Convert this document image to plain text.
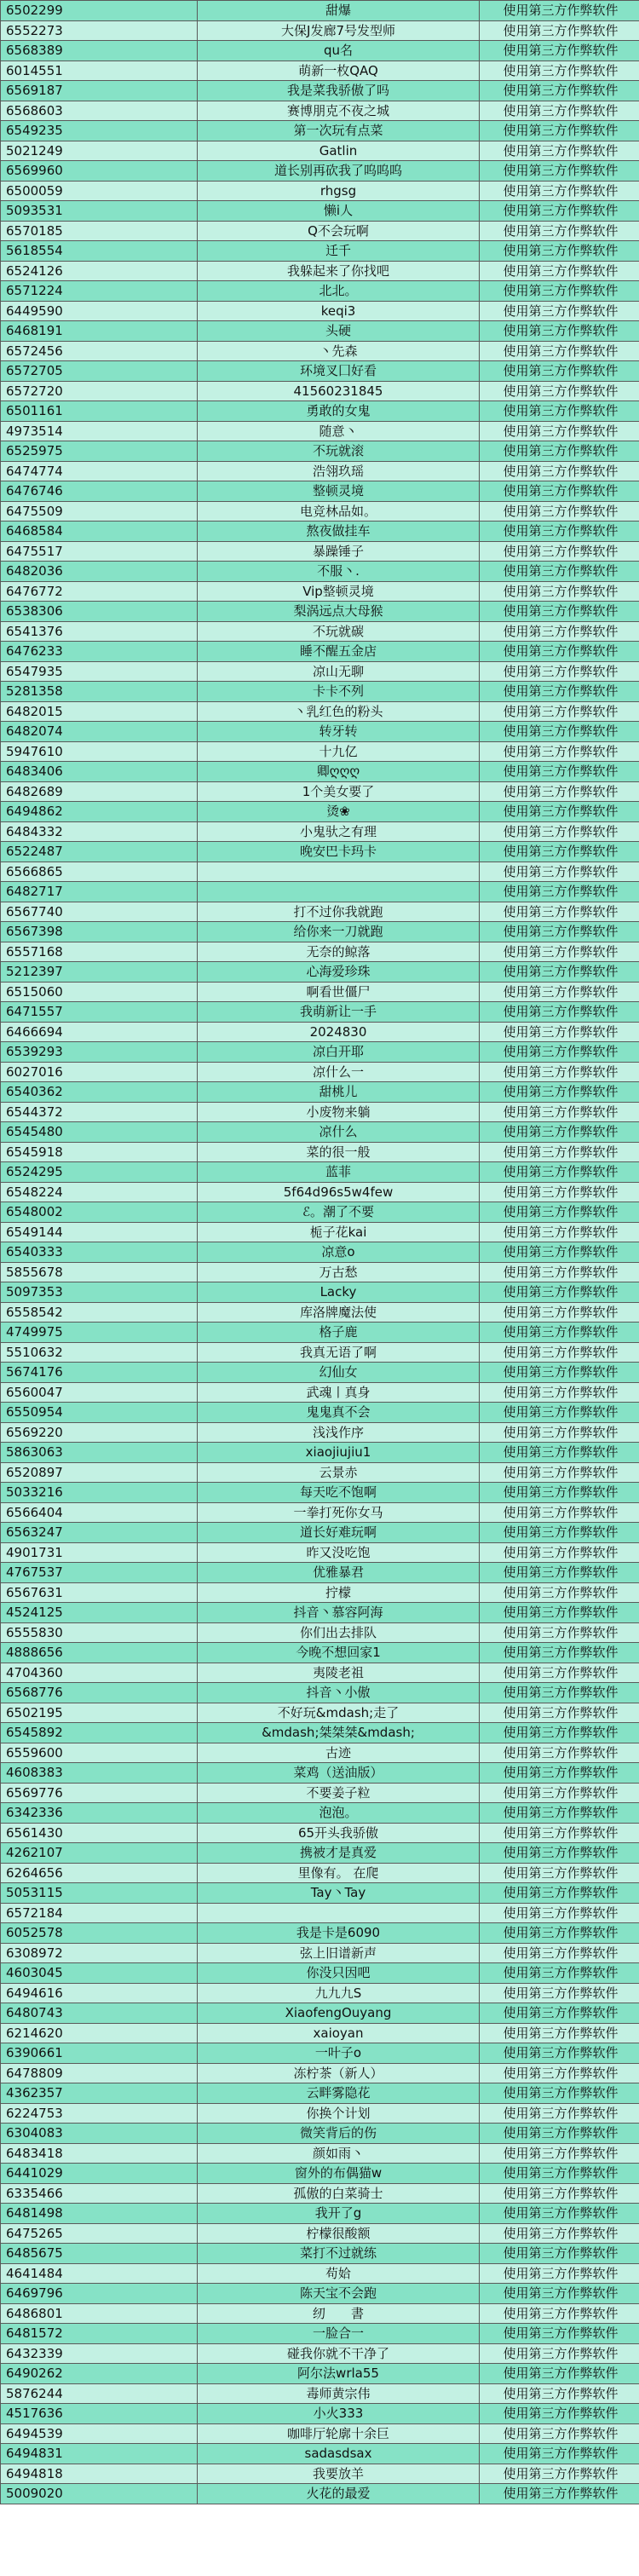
6502299	甜爆	使用第三方作弊软件
6552273	大保J发廊7号发型师	使用第三方作弊软件
6568389	qu名	使用第三方作弊软件
6014551	萌新一枚QAQ	使用第三方作弊软件
6569187	我是菜我骄傲了吗	使用第三方作弊软件
6568603	赛博朋克不夜之城	使用第三方作弊软件
6549235	第一次玩有点菜	使用第三方作弊软件
5021249	Gatlin	使用第三方作弊软件
6569960	道长别再砍我了呜呜呜	使用第三方作弊软件
6500059	rhgsg	使用第三方作弊软件
5093531	懒i人	使用第三方作弊软件
6570185	Q不会玩啊	使用第三方作弊软件
5618554	迁千	使用第三方作弊软件
6524126	我躲起来了你找吧	使用第三方作弊软件
6571224	北北。	使用第三方作弊软件
6449590	keqi3	使用第三方作弊软件
6468191	头硬	使用第三方作弊软件
6572456	丶先森	使用第三方作弊软件
6572705	环境叉囗好看	使用第三方作弊软件
6572720	41560231845	使用第三方作弊软件
6501161	勇敢的女鬼	使用第三方作弊软件
4973514	随意丶	使用第三方作弊软件
6525975	不玩就滚	使用第三方作弊软件
6474774	浩翎玖瑶	使用第三方作弊软件
6476746	整顿灵境	使用第三方作弊软件
6475509	电竞林品如。	使用第三方作弊软件
6468584	熬夜做挂车	使用第三方作弊软件
6475517	暴躁锤子	使用第三方作弊软件
6482036	不服丶.	使用第三方作弊软件
6476772	Vip整顿灵境	使用第三方作弊软件
6538306	梨涡远点大母猴	使用第三方作弊软件
6541376	不玩就碳	使用第三方作弊软件
6476233	睡不醒五金店	使用第三方作弊软件
6547935	凉山无聊	使用第三方作弊软件
5281358	卡卡不列	使用第三方作弊软件
6482015	丶乳红色的粉头	使用第三方作弊软件
6482074	转牙转	使用第三方作弊软件
5947610	十九亿	使用第三方作弊软件
6483406	卿ღღღ	使用第三方作弊软件
6482689	1个美女要了	使用第三方作弊软件
6494862	烫❀	使用第三方作弊软件
6484332	小鬼驮之有理	使用第三方作弊软件
6522487	晚安巴卡玛卡	使用第三方作弊软件
6566865		使用第三方作弊软件
6482717		使用第三方作弊软件
6567740	打不过你我就跑	使用第三方作弊软件
6567398	给你来一刀就跑	使用第三方作弊软件
6557168	无奈的鲸落	使用第三方作弊软件
5212397	心海爱珍珠	使用第三方作弊软件
6515060	啊看世僵尸	使用第三方作弊软件
6471557	我萌新让一手	使用第三方作弊软件
6466694	2024830	使用第三方作弊软件
6539293	凉白开耶	使用第三方作弊软件
6027016	凉什么一	使用第三方作弊软件
6540362	甜桃儿	使用第三方作弊软件
6544372	小废物来躺	使用第三方作弊软件
6545480	凉什么	使用第三方作弊软件
6545918	菜的很一般	使用第三方作弊软件
6524295	蓝菲	使用第三方作弊软件
6548224	5f64d96s5w4few	使用第三方作弊软件
6548002	ℰ。潮了不要	使用第三方作弊软件
6549144	栀子花kai	使用第三方作弊软件
6540333	凉意o	使用第三方作弊软件
5855678	万古愁	使用第三方作弊软件
5097353	Lacky	使用第三方作弊软件
6558542	库洛牌魔法使	使用第三方作弊软件
4749975	格子鹿	使用第三方作弊软件
5510632	我真无语了啊	使用第三方作弊软件
5674176	幻仙女	使用第三方作弊软件
6560047	武魂丨真身	使用第三方作弊软件
6550954	鬼鬼真不会	使用第三方作弊软件
6569220	浅浅作序	使用第三方作弊软件
5863063	xiaojiujiu1	使用第三方作弊软件
6520897	云景赤	使用第三方作弊软件
5033216	每天吃不饱啊	使用第三方作弊软件
6566404	一拳打死你女马	使用第三方作弊软件
6563247	道长好难玩啊	使用第三方作弊软件
4901731	昨又没吃饱	使用第三方作弊软件
4767537	优雅暴君	使用第三方作弊软件
6567631	拧檬	使用第三方作弊软件
4524125	抖音丶慕容阿海	使用第三方作弊软件
6555830	你们出去排队	使用第三方作弊软件
4888656	今晚不想回家1	使用第三方作弊软件
4704360	夷陵老祖	使用第三方作弊软件
6568776	抖音丶小傲	使用第三方作弊软件
6502195	不好玩&mdash;走了	使用第三方作弊软件
6545892	&mdash;桀桀桀&mdash;	使用第三方作弊软件
6559600	古迹	使用第三方作弊软件
4608383	菜鸡（送油版）	使用第三方作弊软件
6569776	不要姜子粒	使用第三方作弊软件
6342336	泡泡。	使用第三方作弊软件
6561430	65开头我骄傲	使用第三方作弊软件
4262107	携被才是真爱	使用第三方作弊软件
6264656	里像有。 在爬	使用第三方作弊软件
5053115	Tay丶Tay	使用第三方作弊软件
6572184		使用第三方作弊软件
6052578	我是卡是6090	使用第三方作弊软件
6308972	弦上旧谱新声	使用第三方作弊软件
4603045	你没只因吧	使用第三方作弊软件
6494616	九九九S	使用第三方作弊软件
6480743	XiaofengOuyang	使用第三方作弊软件
6214620	xaioyan	使用第三方作弊软件
6390661	一叶子o	使用第三方作弊软件
6478809	冻柠茶（新人）	使用第三方作弊软件
4362357	云畔雾隐花	使用第三方作弊软件
6224753	你换个计划	使用第三方作弊软件
6304083	微笑背后的伤	使用第三方作弊软件
6483418	颜如雨丶	使用第三方作弊软件
6441029	窗外的布偶猫w	使用第三方作弊软件
6335466	孤傲的白菜骑士	使用第三方作弊软件
6481498	我开了g	使用第三方作弊软件
6475265	柠檬很酸额	使用第三方作弊软件
6485675	菜打不过就练	使用第三方作弊软件
4641484	苟姶	使用第三方作弊软件
6469796	陈天宝不会跑	使用第三方作弊软件
6486801	纫　　書	使用第三方作弊软件
6481572	一脸合一	使用第三方作弊软件
6432339	碰我你就不干净了	使用第三方作弊软件
6490262	阿尔法wrla55	使用第三方作弊软件
5876244	毒师黄宗伟	使用第三方作弊软件
4517636	小火333	使用第三方作弊软件
6494539	咖啡厅轮廓十余巨	使用第三方作弊软件
6494831	sadasdsax	使用第三方作弊软件
6494818	我要放羊	使用第三方作弊软件
5009020	火花的最爱	使用第三方作弊软件
